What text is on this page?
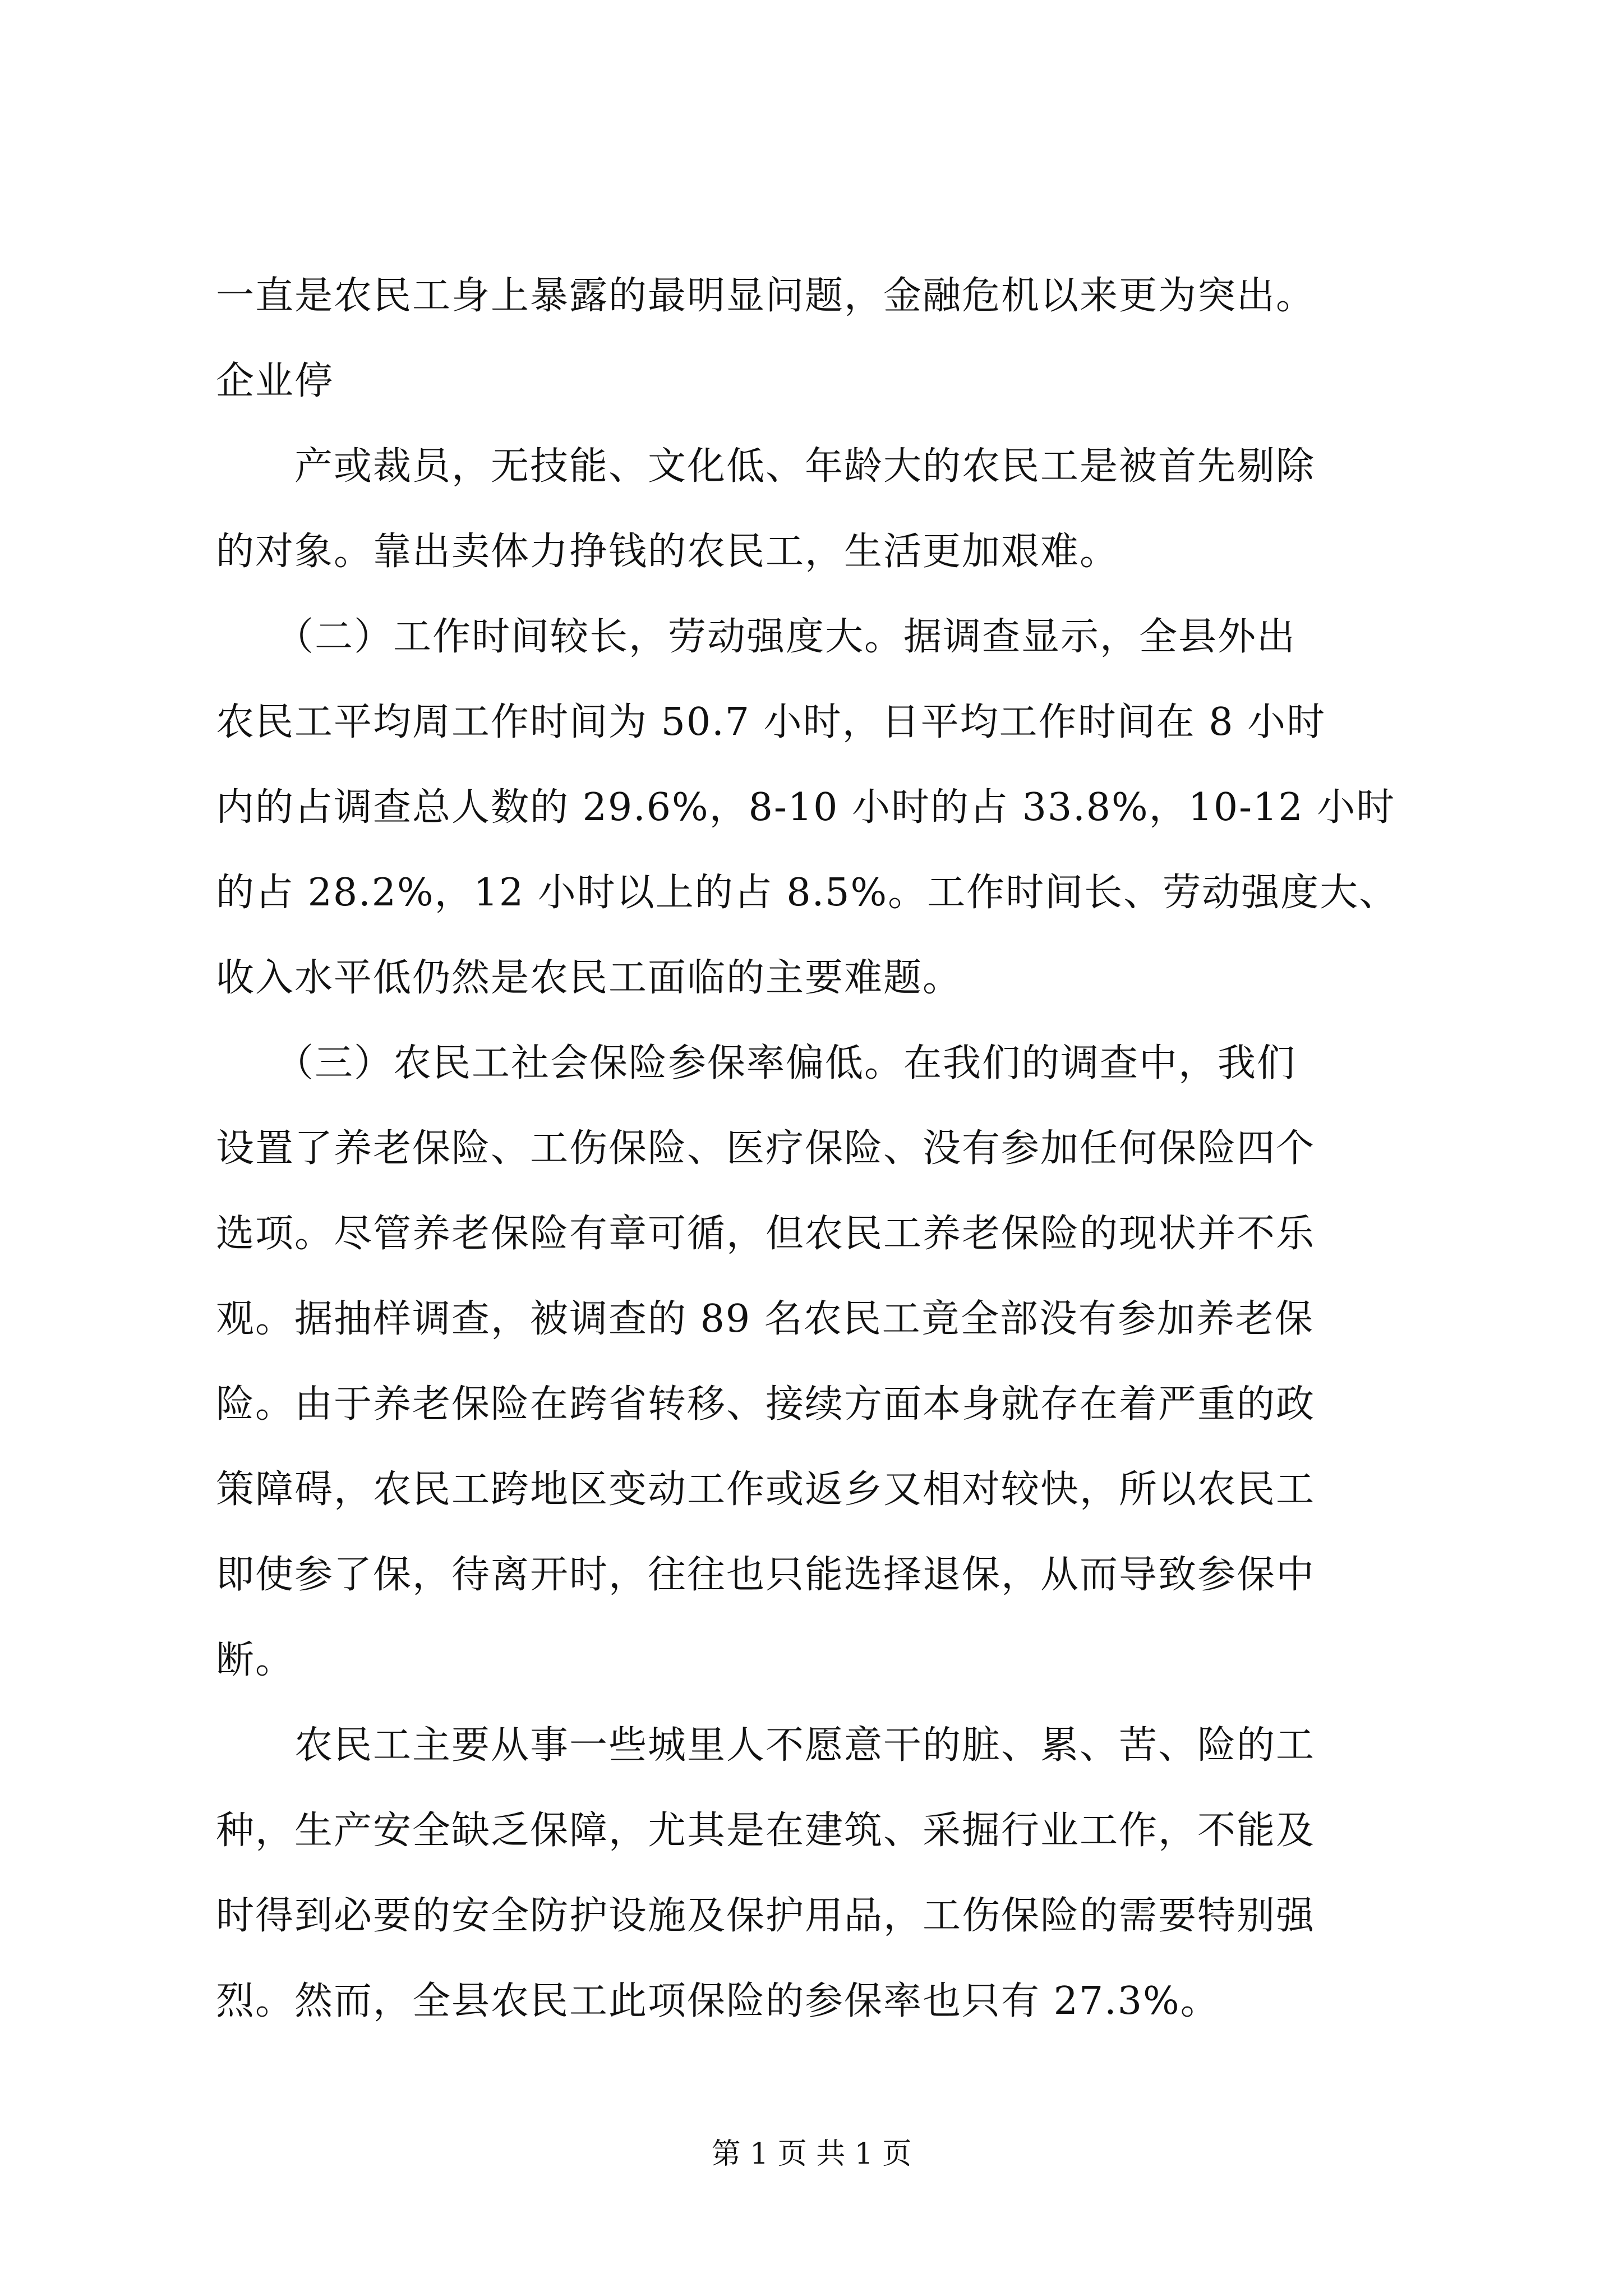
一直是农民工身上暴露的最明显问题，金融危机以来更为突出。
企业停
　　产或裁员，无技能、文化低、年龄大的农民工是被首先剔除
的对象。靠出卖体力挣钱的农民工，生活更加艰难。
　　（二）工作时间较长，劳动强度大。据调查显示，全县外出
农民工平均周工作时间为 50.7 小时，日平均工作时间在 8 小时
内的占调查总人数的 29.6%，8-10 小时的占 33.8%，10-12 小时
的占 28.2%，12 小时以上的占 8.5%。工作时间长、劳动强度大、
收入水平低仍然是农民工面临的主要难题。
　　（三）农民工社会保险参保率偏低。在我们的调查中，我们
设置了养老保险、工伤保险、医疗保险、没有参加任何保险四个
选项。尽管养老保险有章可循，但农民工养老保险的现状并不乐
观。据抽样调查，被调查的 89 名农民工竟全部没有参加养老保
险。由于养老保险在跨省转移、接续方面本身就存在着严重的政
策障碍，农民工跨地区变动工作或返乡又相对较快，所以农民工
即使参了保，待离开时，往往也只能选择退保，从而导致参保中
断。
　　农民工主要从事一些城里人不愿意干的脏、累、苦、险的工
种，生产安全缺乏保障，尤其是在建筑、采掘行业工作，不能及
时得到必要的安全防护设施及保护用品，工伤保险的需要特别强
烈。然而，全县农民工此项保险的参保率也只有 27.3%。
第 1 页 共 1 页
